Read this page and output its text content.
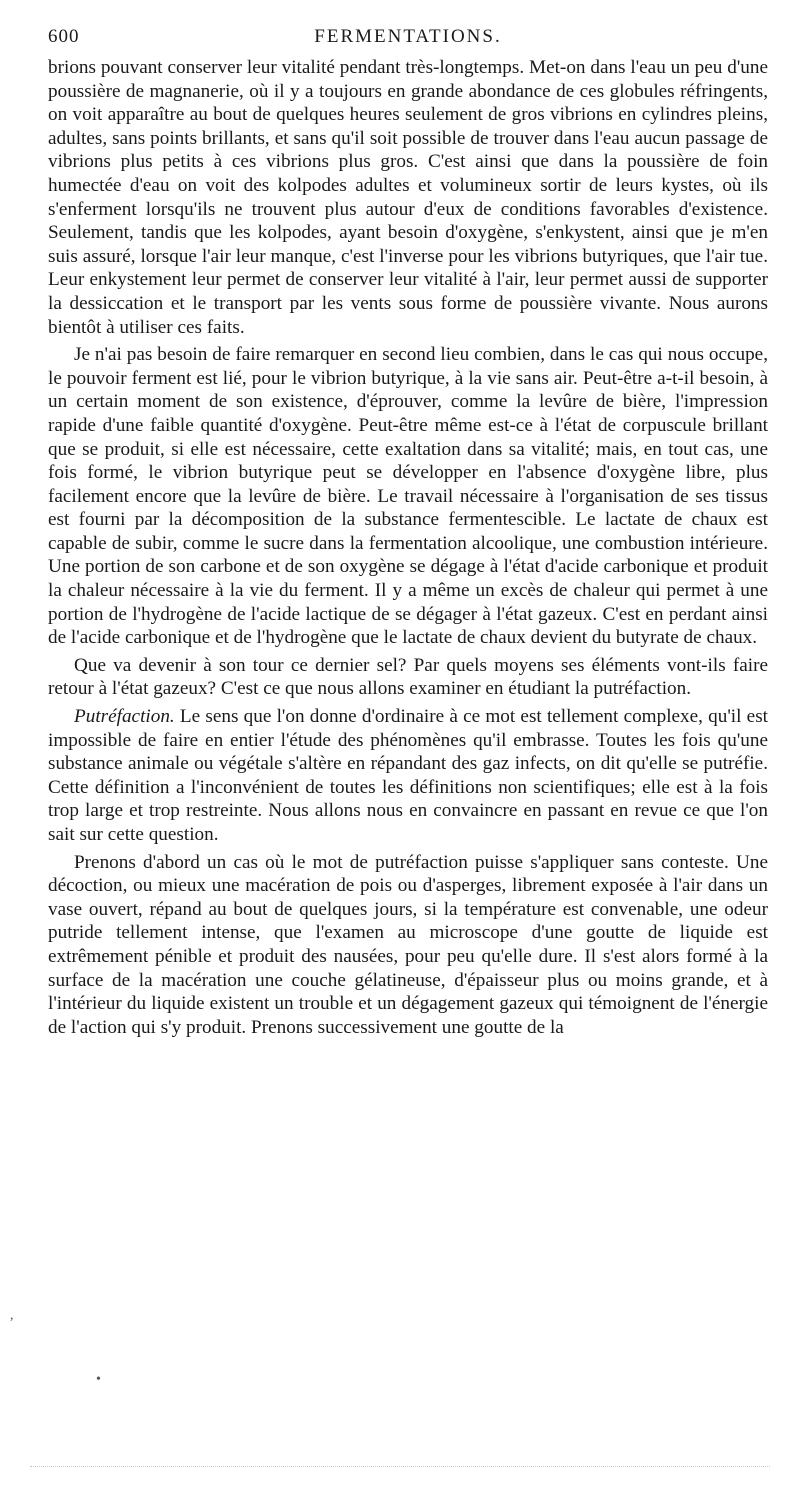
600	FERMENTATIONS.

brions pouvant conserver leur vitalité pendant très-longtemps. Met-on dans l'eau un peu d'une poussière de magnanerie, où il y a toujours en grande abondance de ces globules réfringents, on voit apparaître au bout de quelques heures seulement de gros vibrions en cylindres pleins, adultes, sans points brillants, et sans qu'il soit possible de trouver dans l'eau aucun passage de vibrions plus petits à ces vibrions plus gros. C'est ainsi que dans la poussière de foin humectée d'eau on voit des kolpodes adultes et volumineux sortir de leurs kystes, où ils s'enferment lorsqu'ils ne trouvent plus autour d'eux de conditions favorables d'existence. Seulement, tandis que les kolpodes, ayant besoin d'oxygène, s'enkystent, ainsi que je m'en suis assuré, lorsque l'air leur manque, c'est l'inverse pour les vibrions butyriques, que l'air tue. Leur enkystement leur permet de conserver leur vitalité à l'air, leur permet aussi de supporter la dessiccation et le transport par les vents sous forme de poussière vivante. Nous aurons bientôt à utiliser ces faits.

Je n'ai pas besoin de faire remarquer en second lieu combien, dans le cas qui nous occupe, le pouvoir ferment est lié, pour le vibrion butyrique, à la vie sans air. Peut-être a-t-il besoin, à un certain moment de son existence, d'éprouver, comme la levûre de bière, l'impression rapide d'une faible quantité d'oxygène. Peut-être même est-ce à l'état de corpuscule brillant que se produit, si elle est nécessaire, cette exaltation dans sa vitalité; mais, en tout cas, une fois formé, le vibrion butyrique peut se développer en l'absence d'oxygène libre, plus facilement encore que la levûre de bière. Le travail nécessaire à l'organisation de ses tissus est fourni par la décomposition de la substance fermentescible. Le lactate de chaux est capable de subir, comme le sucre dans la fermentation alcoolique, une combustion intérieure. Une portion de son carbone et de son oxygène se dégage à l'état d'acide carbonique et produit la chaleur nécessaire à la vie du ferment. Il y a même un excès de chaleur qui permet à une portion de l'hydrogène de l'acide lactique de se dégager à l'état gazeux. C'est en perdant ainsi de l'acide carbonique et de l'hydrogène que le lactate de chaux devient du butyrate de chaux.

Que va devenir à son tour ce dernier sel? Par quels moyens ses éléments vont-ils faire retour à l'état gazeux? C'est ce que nous allons examiner en étudiant la putréfaction.

Putréfaction. Le sens que l'on donne d'ordinaire à ce mot est tellement complexe, qu'il est impossible de faire en entier l'étude des phénomènes qu'il embrasse. Toutes les fois qu'une substance animale ou végétale s'altère en répandant des gaz infects, on dit qu'elle se putréfie. Cette définition a l'inconvénient de toutes les définitions non scientifiques; elle est à la fois trop large et trop restreinte. Nous allons nous en convaincre en passant en revue ce que l'on sait sur cette question.

Prenons d'abord un cas où le mot de putréfaction puisse s'appliquer sans conteste. Une décoction, ou mieux une macération de pois ou d'asperges, librement exposée à l'air dans un vase ouvert, répand au bout de quelques jours, si la température est convenable, une odeur putride tellement intense, que l'examen au microscope d'une goutte de liquide est extrêmement pénible et produit des nausées, pour peu qu'elle dure. Il s'est alors formé à la surface de la macération une couche gélatineuse, d'épaisseur plus ou moins grande, et à l'intérieur du liquide existent un trouble et un dégagement gazeux qui témoignent de l'énergie de l'action qui s'y produit. Prenons successivement une goutte de la

,
•
